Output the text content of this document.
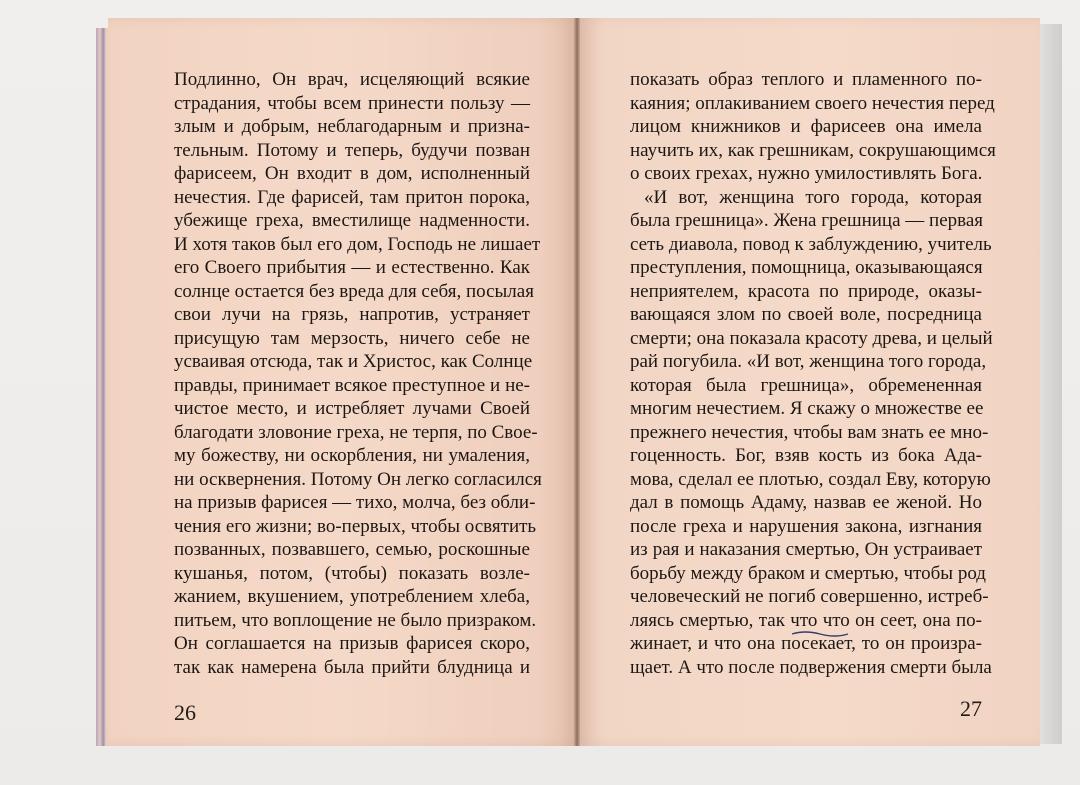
Подлинно, Он врач, исцеляющий всякие
страдания, чтобы всем принести пользу —
злым и добрым, неблагодарным и призна-
тельным. Потому и теперь, будучи позван
фарисеем, Он входит в дом, исполненный
нечестия. Где фарисей, там притон порока,
убежище греха, вместилище надменности.
И хотя таков был его дом, Господь не лишает
его Своего прибытия — и естественно. Как
солнце остается без вреда для себя, посылая
свои лучи на грязь, напротив, устраняет
присущую там мерзость, ничего себе не
усваивая отсюда, так и Христос, как Солнце
правды, принимает всякое преступное и не-
чистое место, и истребляет лучами Своей
благодати зловоние греха, не терпя, по Свое-
му божеству, ни оскорбления, ни умаления,
ни осквернения. Потому Он легко согласился
на призыв фарисея — тихо, молча, без обли-
чения его жизни; во-первых, чтобы освятить
позванных, позвавшего, семью, роскошные
кушанья, потом, (чтобы) показать возле-
жанием, вкушением, употреблением хлеба,
питьем, что воплощение не было призраком.
Он соглашается на призыв фарисея скоро,
так как намерена была прийти блудница и
показать образ теплого и пламенного по-
каяния; оплакиванием своего нечестия перед
лицом книжников и фарисеев она имела
научить их, как грешникам, сокрушающимся
о своих грехах, нужно умилостивлять Бога.
«И вот, женщина того города, которая
была грешница». Жена грешница — первая
сеть диавола, повод к заблуждению, учитель
преступления, помощница, оказывающаяся
неприятелем, красота по природе, оказы-
вающаяся злом по своей воле, посредница
смерти; она показала красоту древа, и целый
рай погубила. «И вот, женщина того города,
которая была грешница», обремененная
многим нечестием. Я скажу о множестве ее
прежнего нечестия, чтобы вам знать ее мно-
гоценность. Бог, взяв кость из бока Ада-
мова, сделал ее плотью, создал Еву, которую
дал в помощь Адаму, назвав ее женой. Но
после греха и нарушения закона, изгнания
из рая и наказания смертью, Он устраивает
борьбу между браком и смертью, чтобы род
человеческий не погиб совершенно, истреб-
ляясь смертью, так что что он сеет, она по-
жинает, и что она посекает, то он произра-
щает. А что после подвержения смерти была
26	27
